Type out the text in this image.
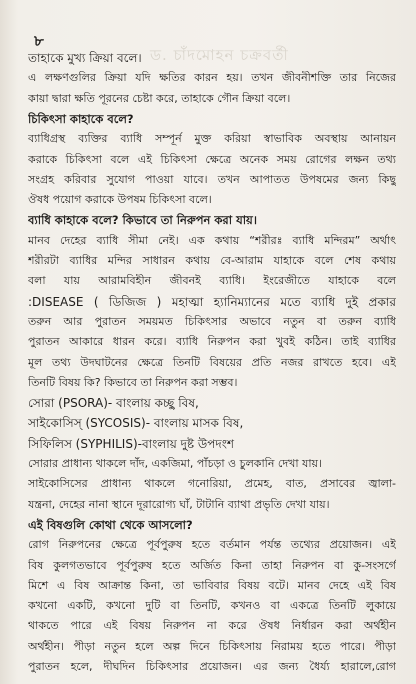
ড. চাঁদমোহন চক্রবর্তী
৮
তাহাকে মুখ্য ক্রিয়া বলে।
এ লক্ষণগুলির ক্রিয়া যদি ক্ষতির কারন হয়। তখন জীবনীশক্তি তার নিজের
কায়া দ্বারা ক্ষতি পূরনের চেষ্টা করে, তাহাকে গৌন ক্রিয়া বলে।
চিকিৎসা কাহাকে বলে?
ব্যাধিগ্রস্থ ব্যক্তির ব্যাধি সম্পূর্ন মুক্ত করিয়া স্বাভাবিক অবস্থায় আনায়ন
করাকে চিকিৎসা বলে এই চিকিৎসা ক্ষেত্রে অনেক সময় রোগের লক্ষন তথ্য
সংগ্রহ করিবার সুযোগ পাওয়া যাবে। তখন আপাতত উপষমের জন্য কিছু
ঔষধ পয়োগ করাকে উপষম চিকিৎসা বলে।
ব্যাধি কাহাকে বলে? কিভাবে তা নিরুপন করা যায়।
মানব দেহের ব্যাধি সীমা নেই। এক কথায় “শরীরঃ ব্যাধি মন্দিরম” অর্থাৎ
শরীরটা ব্যাধির মন্দির সাধারন কথায় বে-আরাম যাহাকে বলে শেষ কথায়
বলা যায় আরামবিহীন জীবনই ব্যাধি। ইংরেজীতে যাহাকে বলে
:DISEASE ( ডিজিজ ) মহাত্মা হ্যানিম্যানের মতে ব্যাধি দুই প্রকার
তরুন আর পুরাতন সময়মত চিকিৎসার অভাবে নতুন বা তরুন ব্যাধি
পুরাতন আকারে ধারন করে। ব্যাধি নিরুপন করা খুবই কঠিন। তাই ব্যাধির
মূল তথ্য উদঘাটনের ক্ষেত্রে তিনটি বিষয়ের প্রতি নজর রাখতে হবে। এই
তিনটি বিষয় কি? কিভাবে তা নিরুপন করা সম্ভব।
সোরা (PSORA)- বাংলায় কচ্ছু বিষ,
সাইকোসিস্ (SYCOSIS)- বাংলায় মাসক বিষ,
সিফিলিস (SYPHILIS)-বাংলায় দুষ্ট উপদংশ
সোরার প্রাধান্য থাকলে দাঁদ, একজিমা, পাঁচড়া ও চুলকানি দেখা যায়।
সাইকোসিসের প্রাধান্য থাকলে গনোরিয়া, প্রমেহ, বাত, প্রসাবের জ্বালা-
যন্ত্রনা, দেহের নানা স্থানে দূরারোগ্য ঘাঁ, টাটানি ব্যাথা প্রভৃতি দেখা যায়।
এই বিষগুলি কোথা থেকে আসলো?
রোগ নিরুপনের ক্ষেত্রে পূর্বপুরুষ হতে বর্তমান পর্যন্ত তথ্যের প্রয়োজন। এই
বিষ কুলগতভাবে পূর্বপুরুষ হতে অর্জিত কিনা তাহা নিরুপন বা কু-সংসর্গে
মিশে এ বিষ আক্রান্ত কিনা, তা ভাবিবার বিষয় বটে। মানব দেহে এই বিষ
কখনো একটি, কখনো দুটি বা তিনটি, কখনও বা একত্রে তিনটি লুকায়ে
থাকতে পারে এই বিষয় নিরুপন না করে ঔষধ নির্ধারন করা অর্থহীন
অর্থহীন। পীড়া নতুন হলে অল্প দিনে চিকিৎসায় নিরাময় হতে পারে। পীড়া
পুরাতন হলে, দীঘদিন চিকিৎসার প্রয়োজন। এর জন্য ধৈর্য্য হারালে,রোগ
